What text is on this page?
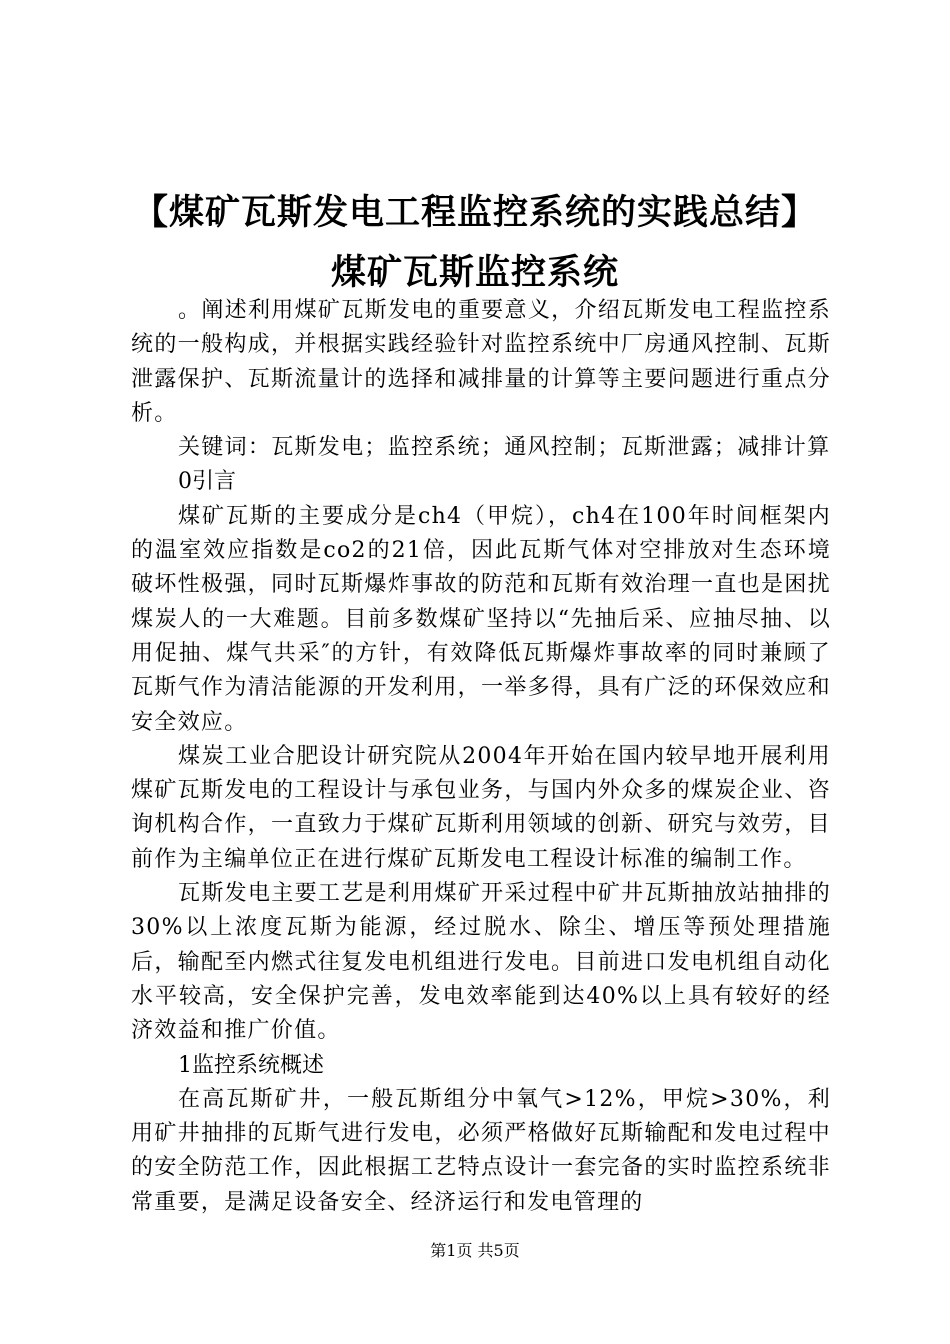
【煤矿瓦斯发电工程监控系统的实践总结】煤矿瓦斯监控系统

。阐述利用煤矿瓦斯发电的重要意义，介绍瓦斯发电工程监控系统的一般构成，并根据实践经验针对监控系统中厂房通风控制、瓦斯泄露保护、瓦斯流量计的选择和减排量的计算等主要问题进行重点分析。

关键词：瓦斯发电；监控系统；通风控制；瓦斯泄露；减排计算

0引言

煤矿瓦斯的主要成分是ch4（甲烷），ch4在100年时间框架内的温室效应指数是co2的21倍，因此瓦斯气体对空排放对生态环境破坏性极强，同时瓦斯爆炸事故的防范和瓦斯有效治理一直也是困扰煤炭人的一大难题。目前多数煤矿坚持以“先抽后采、应抽尽抽、以用促抽、煤气共采″的方针，有效降低瓦斯爆炸事故率的同时兼顾了瓦斯气作为清洁能源的开发利用，一举多得，具有广泛的环保效应和安全效应。

煤炭工业合肥设计研究院从2004年开始在国内较早地开展利用煤矿瓦斯发电的工程设计与承包业务，与国内外众多的煤炭企业、咨询机构合作，一直致力于煤矿瓦斯利用领域的创新、研究与效劳，目前作为主编单位正在进行煤矿瓦斯发电工程设计标准的编制工作。

瓦斯发电主要工艺是利用煤矿开采过程中矿井瓦斯抽放站抽排的30%以上浓度瓦斯为能源，经过脱水、除尘、增压等预处理措施后，输配至内燃式往复发电机组进行发电。目前进口发电机组自动化水平较高，安全保护完善，发电效率能到达40%以上具有较好的经济效益和推广价值。

1监控系统概述

在高瓦斯矿井，一般瓦斯组分中氧气>12%，甲烷>30%，利用矿井抽排的瓦斯气进行发电，必须严格做好瓦斯输配和发电过程中的安全防范工作，因此根据工艺特点设计一套完备的实时监控系统非常重要，是满足设备安全、经济运行和发电管理的

第1页 共5页
